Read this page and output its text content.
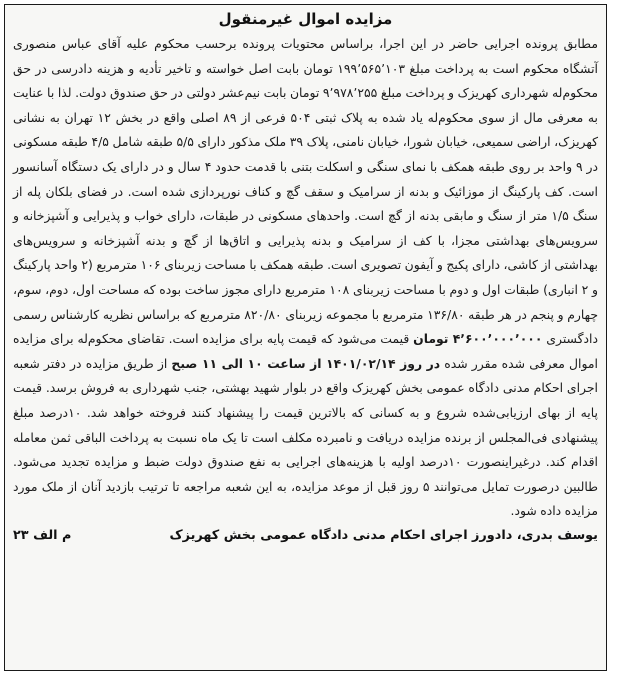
مزایده اموال غیرمنقول

مطابق پرونده اجرایی حاضر در این اجرا، براساس محتویات پرونده برحسب محکوم علیه آقای عباس منصوری آتشگاه محکوم است به پرداخت مبلغ ۱۹۹٬۵۶۵٬۱۰۳ تومان بابت اصل خواسته و تاخیر تأدیه و هزینه دادرسی در حق محکوم‌له شهرداری کهریزک و پرداخت مبلغ ۹٬۹۷۸٬۲۵۵ تومان بابت نیم‌عشر دولتی در حق صندوق دولت. لذا با عنایت به معرفی مال از سوی محکوم‌له یاد شده به پلاک ثبتی ۵۰۴ فرعی از ۸۹ اصلی واقع در بخش ۱۲ تهران به نشانی کهریزک، اراضی سمیعی، خیابان شورا، خیابان نامنی، پلاک ۳۹ ملک مذکور دارای ۵/۵ طبقه شامل ۴/۵ طبقه مسکونی در ۹ واحد بر روی طبقه همکف با نمای سنگی و اسکلت بتنی با قدمت حدود ۴ سال و در دارای یک دستگاه آسانسور است. کف پارکینگ از موزائیک و بدنه از سرامیک و سقف گچ و کناف نورپردازی شده است. در فضای بلکان پله از سنگ ۱/۵ متر از سنگ و مابقی بدنه از گچ است. واحدهای مسکونی در طبقات، دارای خواب و پذیرایی و آشپزخانه و سرویس‌های بهداشتی مجزا، با کف از سرامیک و بدنه پذیرایی و اتاق‌ها از گچ و بدنه آشپزخانه و سرویس‌های بهداشتی از کاشی، دارای پکیج و آیفون تصویری است. طبقه همکف با مساحت زیربنای ۱۰۶ مترمربع (۲ واحد پارکینگ و ۲ انباری) طبقات اول و دوم با مساحت زیربنای ۱۰۸ مترمربع دارای مجوز ساخت بوده که مساحت اول، دوم، سوم، چهارم و پنجم در هر طبقه ۱۳۶/۸۰ مترمربع با مجموعه زیربنای ۸۲۰/۸۰ مترمربع که براساس نظریه کارشناس رسمی دادگستری ۴٬۶۰۰٬۰۰۰٬۰۰۰ تومان قیمت می‌شود که قیمت پایه برای مزایده است. تقاضای محکوم‌له برای مزایده اموال معرفی شده مقرر شده در روز ۱۴۰۱/۰۲/۱۴ از ساعت ۱۰ الی ۱۱ صبح از طریق مزایده در دفتر شعبه اجرای احکام مدنی دادگاه عمومی بخش کهریزک واقع در بلوار شهید بهشتی، جنب شهرداری به فروش برسد. قیمت پایه از بهای ارزیابی‌شده شروع و به کسانی که بالاترین قیمت را پیشنهاد کنند فروخته خواهد شد. ۱۰درصد مبلغ پیشنهادی فی‌المجلس از برنده مزایده دریافت و نامبرده مکلف است تا یک ماه نسبت به پرداخت الباقی ثمن معامله اقدام کند. درغیراینصورت ۱۰درصد اولیه با هزینه‌های اجرایی به نفع صندوق دولت ضبط و مزایده تجدید می‌شود. طالبین درصورت تمایل می‌توانند ۵ روز قبل از موعد مزایده، به این شعبه مراجعه تا ترتیب بازدید آنان از ملک مورد مزایده داده شود.

یوسف بدری، دادورز اجرای احکام مدنی دادگاه عمومی بخش کهریزک
م الف ۲۳
